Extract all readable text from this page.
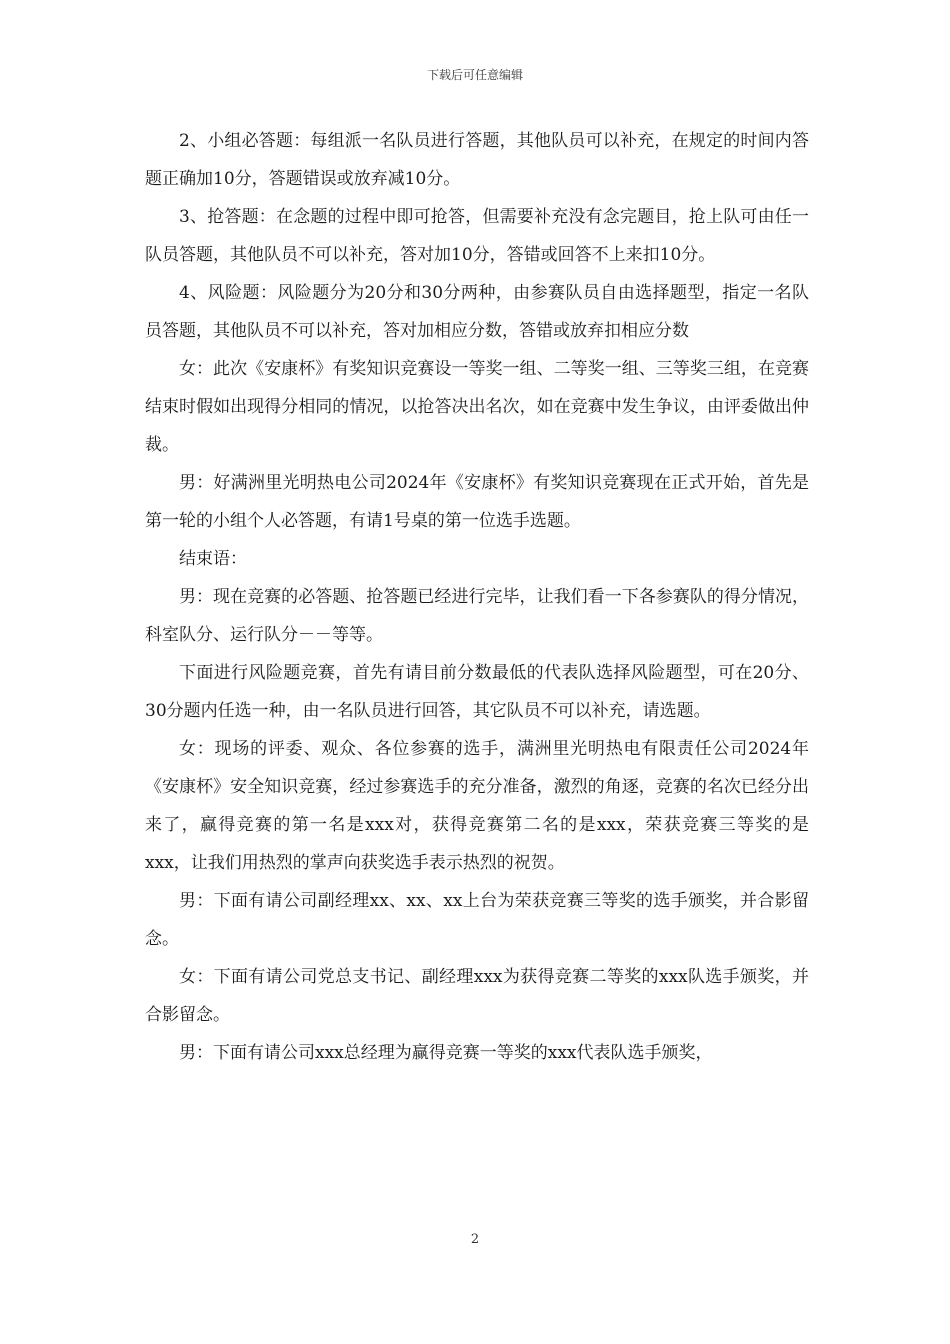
下载后可任意编辑

2、小组必答题：每组派一名队员进行答题，其他队员可以补充，在规定的时间内答题正确加10分，答题错误或放弃减10分。

3、抢答题：在念题的过程中即可抢答，但需要补充没有念完题目，抢上队可由任一队员答题，其他队员不可以补充，答对加10分，答错或回答不上来扣10分。

4、风险题：风险题分为20分和30分两种，由参赛队员自由选择题型，指定一名队员答题，其他队员不可以补充，答对加相应分数，答错或放弃扣相应分数

女：此次《安康杯》有奖知识竞赛设一等奖一组、二等奖一组、三等奖三组，在竞赛结束时假如出现得分相同的情况，以抢答决出名次，如在竞赛中发生争议，由评委做出仲裁。

男：好满洲里光明热电公司2024年《安康杯》有奖知识竞赛现在正式开始，首先是第一轮的小组个人必答题，有请1号桌的第一位选手选题。

结束语：

男：现在竞赛的必答题、抢答题已经进行完毕，让我们看一下各参赛队的得分情况，科室队分、运行队分－－等等。

下面进行风险题竞赛，首先有请目前分数最低的代表队选择风险题型，可在20分、30分题内任选一种，由一名队员进行回答，其它队员不可以补充，请选题。

女：现场的评委、观众、各位参赛的选手，满洲里光明热电有限责任公司2024年《安康杯》安全知识竞赛，经过参赛选手的充分准备，激烈的角逐，竞赛的名次已经分出来了，赢得竞赛的第一名是xxx对，获得竞赛第二名的是xxx，荣获竞赛三等奖的是xxx，让我们用热烈的掌声向获奖选手表示热烈的祝贺。

男：下面有请公司副经理xx、xx、xx上台为荣获竞赛三等奖的选手颁奖，并合影留念。

女：下面有请公司党总支书记、副经理xxx为获得竞赛二等奖的xxx队选手颁奖，并合影留念。

男：下面有请公司xxx总经理为赢得竞赛一等奖的xxx代表队选手颁奖，

2
